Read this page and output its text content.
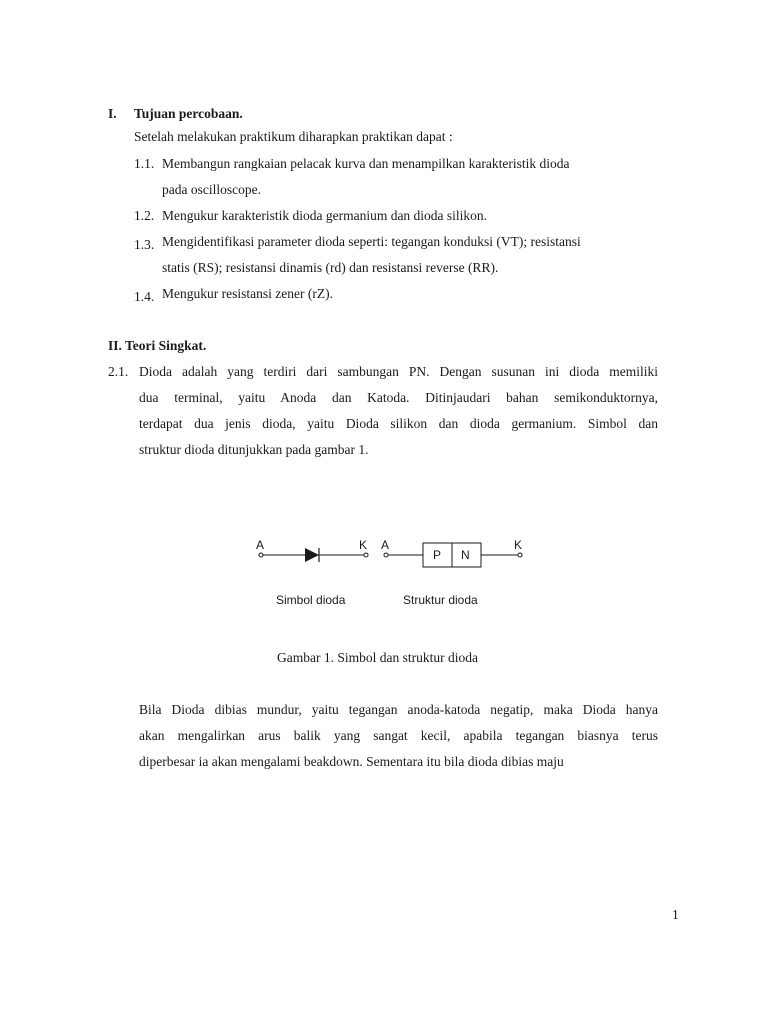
I. Tujuan percobaan.
Setelah melakukan praktikum diharapkan praktikan dapat :
1.1. Membangun rangkaian pelacak kurva dan menampilkan karakteristik dioda
pada oscilloscope.
1.2. Mengukur karakteristik dioda germanium dan dioda silikon.
1.3. Mengidentifikasi parameter dioda seperti: tegangan konduksi (VT); resistansi
statis (RS); resistansi dinamis (rd) dan resistansi reverse (RR).
1.4. Mengukur resistansi zener (rZ).
II. Teori Singkat.
2.1. Dioda adalah yang terdiri dari sambungan PN. Dengan susunan ini dioda memiliki
dua terminal, yaitu Anoda dan Katoda. Ditinjaudari bahan semikonduktornya,
terdapat dua jenis dioda, yaitu Dioda silikon dan dioda germanium. Simbol dan
struktur dioda ditunjukkan pada gambar 1.
A	K A	K
P N
Simbol dioda	Struktur dioda
Gambar 1. Simbol dan struktur dioda
Bila Dioda dibias mundur, yaitu tegangan anoda-katoda negatip, maka Dioda hanya
akan mengalirkan arus balik yang sangat kecil, apabila tegangan biasnya terus
diperbesar ia akan mengalami beakdown. Sementara itu bila dioda dibias maju
1
